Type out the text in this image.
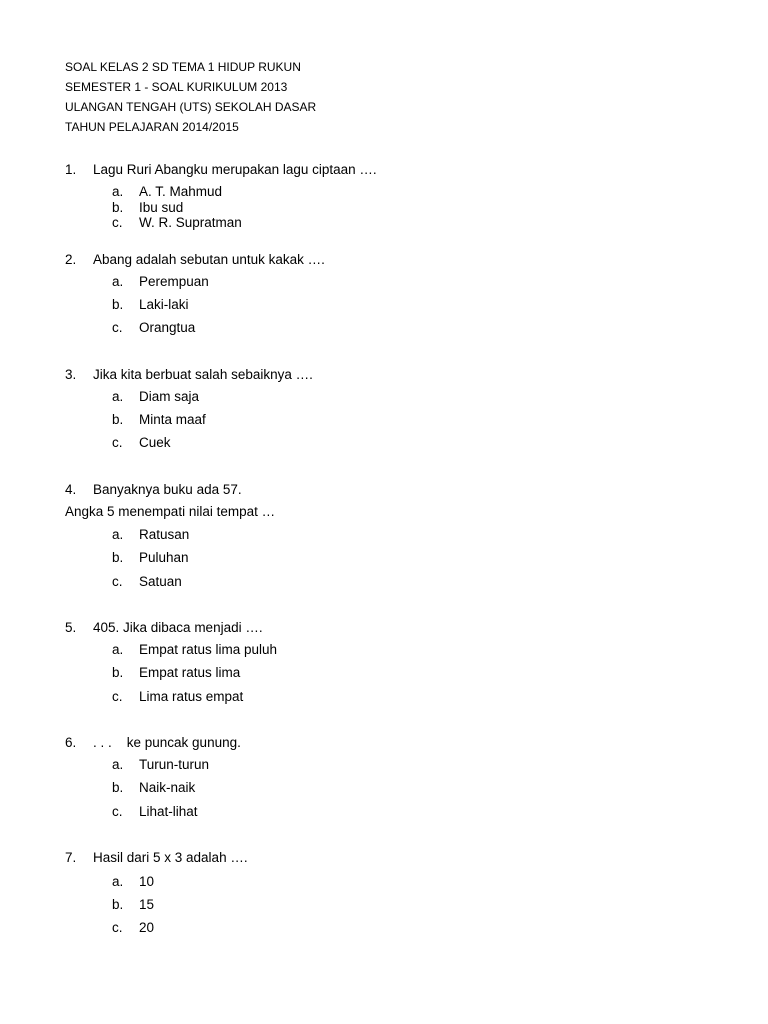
SOAL KELAS 2 SD TEMA 1 HIDUP RUKUN
SEMESTER 1 - SOAL KURIKULUM 2013
ULANGAN TENGAH (UTS) SEKOLAH DASAR
TAHUN PELAJARAN 2014/2015
1. Lagu Ruri Abangku merupakan lagu ciptaan ….
a. A. T. Mahmud
b. Ibu sud
c. W. R. Supratman
2. Abang adalah sebutan untuk kakak ….
a. Perempuan
b. Laki-laki
c. Orangtua
3. Jika kita berbuat salah sebaiknya ….
a. Diam saja
b. Minta maaf
c. Cuek
4. Banyaknya buku ada 57.
Angka 5 menempati nilai tempat …
a. Ratusan
b. Puluhan
c. Satuan
5. 405. Jika dibaca menjadi ….
a. Empat ratus lima puluh
b. Empat ratus lima
c. Lima ratus empat
6. . . .    ke puncak gunung.
a. Turun-turun
b. Naik-naik
c. Lihat-lihat
7. Hasil dari 5 x 3 adalah ….
a. 10
b. 15
c. 20
